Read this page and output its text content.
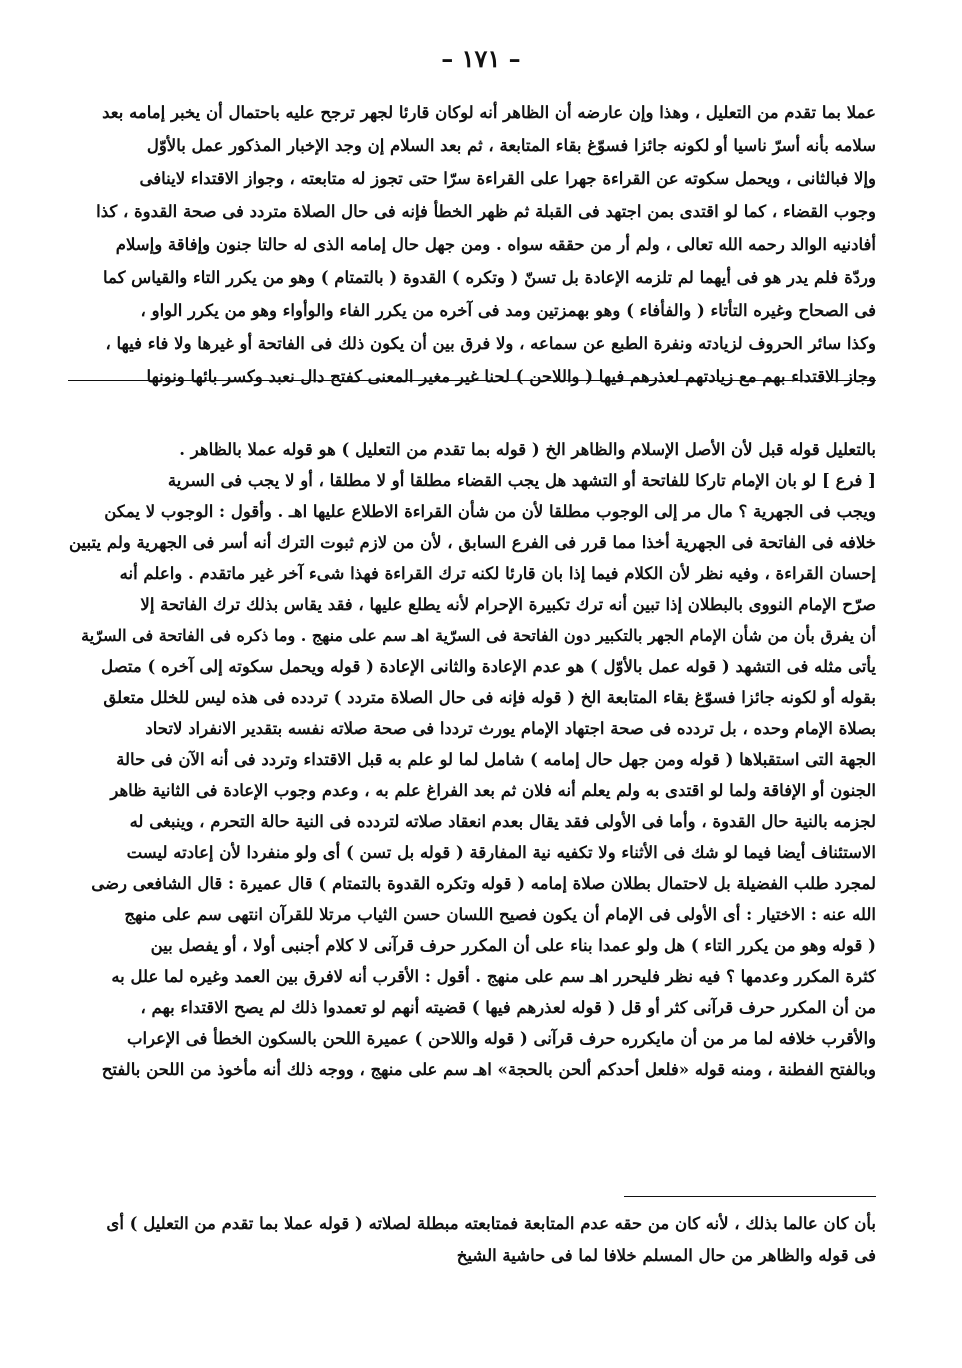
– ١٧١ –
عملا بما تقدم من التعليل ، وهذا وإن عارضه أن الظاهر أنه لوكان قارئا لجهر ترجح عليه باحتمال أن يخبر إمامه بعد
سلامه بأنه أسرّ ناسيا أو لكونه جائزا فسوّغ بقاء المتابعة ، ثم بعد السلام إن وجد الإخبار المذكور عمل بالأوّل
وإلا فبالثانى ، ويحمل سكوته عن القراءة جهرا على القراءة سرّا حتى تجوز له متابعته ، وجواز الاقتداء لاينافى
وجوب القضاء ، كما لو اقتدى بمن اجتهد فى القبلة ثم ظهر الخطأ فإنه فى حال الصلاة متردد فى صحة القدوة ، كذا
أفادنيه الوالد رحمه الله تعالى ، ولم أر من حققه سواه . ومن جهل حال إمامه الذى له حالتا جنون وإفاقة وإسلام
وردّة فلم يدر هو فى أيهما لم تلزمه الإعادة بل تسنّ ( وتكره ) القدوة ( بالتمتام ) وهو من يكرر التاء والقياس كما
فى الصحاح وغيره التأتاء ( والفأفاء ) وهو بهمزتين ومد فى آخره من يكرر الفاء والوأواء وهو من يكرر الواو ،
وكذا سائر الحروف لزيادته ونفرة الطبع عن سماعه ، ولا فرق بين أن يكون ذلك فى الفاتحة أو غيرها ولا فاء فيها ،
وجاز الاقتداء بهم مع زيادتهم لعذرهم فيها ( واللاحن ) لحنا غير مغير المعنى كفتح دال نعبد وكسر بائها ونونها
بالتعليل قوله قبل لأن الأصل الإسلام والظاهر الخ ( قوله بما تقدم من التعليل ) هو قوله عملا بالظاهر .
[ فرع ] لو بان الإمام تاركا للفاتحة أو التشهد هل يجب القضاء مطلقا أو لا مطلقا ، أو لا يجب فى السرية
ويجب فى الجهرية ؟ مال مر إلى الوجوب مطلقا لأن من شأن القراءة الاطلاع عليها اهـ . وأقول : الوجوب لا يمكن
خلافه فى الفاتحة فى الجهرية أخذا مما قرر فى الفرع السابق ، لأن من لازم ثبوت الترك أنه أسر فى الجهرية ولم يتبين
إحسان القراءة ، وفيه نظر لأن الكلام فيما إذا بان قارئا لكنه ترك القراءة فهذا شىء آخر غير ماتقدم . واعلم أنه
صرّح الإمام النووى بالبطلان إذا تبين أنه ترك تكبيرة الإحرام لأنه يطلع عليها ، فقد يقاس بذلك ترك الفاتحة إلا
أن يفرق بأن من شأن الإمام الجهر بالتكبير دون الفاتحة فى السرّية اهـ سم على منهج . وما ذكره فى الفاتحة فى السرّية
يأتى مثله فى التشهد ( قوله عمل بالأوّل ) هو عدم الإعادة والثانى الإعادة ( قوله ويحمل سكوته إلى آخره ) متصل
بقوله أو لكونه جائزا فسوّغ بقاء المتابعة الخ ( قوله فإنه فى حال الصلاة متردد ) تردده فى هذه ليس للخلل متعلق
بصلاة الإمام وحده ، بل تردده فى صحة اجتهاد الإمام يورث ترددا فى صحة صلاته نفسه بتقدير الانفراد لاتحاد
الجهة التى استقبلاها ( قوله ومن جهل حال إمامه ) شامل لما لو علم به قبل الاقتداء وتردد فى أنه الآن فى حالة
الجنون أو الإفاقة ولما لو اقتدى به ولم يعلم أنه فلان ثم بعد الفراغ علم به ، وعدم وجوب الإعادة فى الثانية ظاهر
لجزمه بالنية حال القدوة ، وأما فى الأولى فقد يقال بعدم انعقاد صلاته لتردده فى النية حالة التحرم ، وينبغى له
الاستئناف أيضا فيما لو شك فى الأثناء ولا تكفيه نية المفارقة ( قوله بل تسن ) أى ولو منفردا لأن إعادته ليست
لمجرد طلب الفضيلة بل لاحتمال بطلان صلاة إمامه ( قوله وتكره القدوة بالتمتام ) قال عميرة : قال الشافعى رضى
الله عنه : الاختيار : أى الأولى فى الإمام أن يكون فصيح اللسان حسن الثياب مرتلا للقرآن انتهى سم على منهج
( قوله وهو من يكرر التاء ) هل ولو عمدا بناء على أن المكرر حرف قرآنى لا كلام أجنبى أولا ، أو يفصل بين
كثرة المكرر وعدمها ؟ فيه نظر فليحرر اهـ سم على منهج . أقول : الأقرب أنه لافرق بين العمد وغيره لما علل به
من أن المكرر حرف قرآنى كثر أو قل ( قوله لعذرهم فيها ) قضيته أنهم لو تعمدوا ذلك لم يصح الاقتداء بهم ،
والأقرب خلافه لما مر من أن مايكرره حرف قرآنى ( قوله واللاحن ) عميرة اللحن بالسكون الخطأ فى الإعراب
وبالفتح الفطنة ، ومنه قوله «فلعل أحدكم ألحن بالحجة» اهـ سم على منهج ، ووجه ذلك أنه مأخوذ من اللحن بالفتح
بأن كان عالما بذلك ، لأنه كان من حقه عدم المتابعة فمتابعته مبطلة لصلاته ( قوله عملا بما تقدم من التعليل ) أى
فى قوله والظاهر من حال المسلم خلافا لما فى حاشية الشيخ
